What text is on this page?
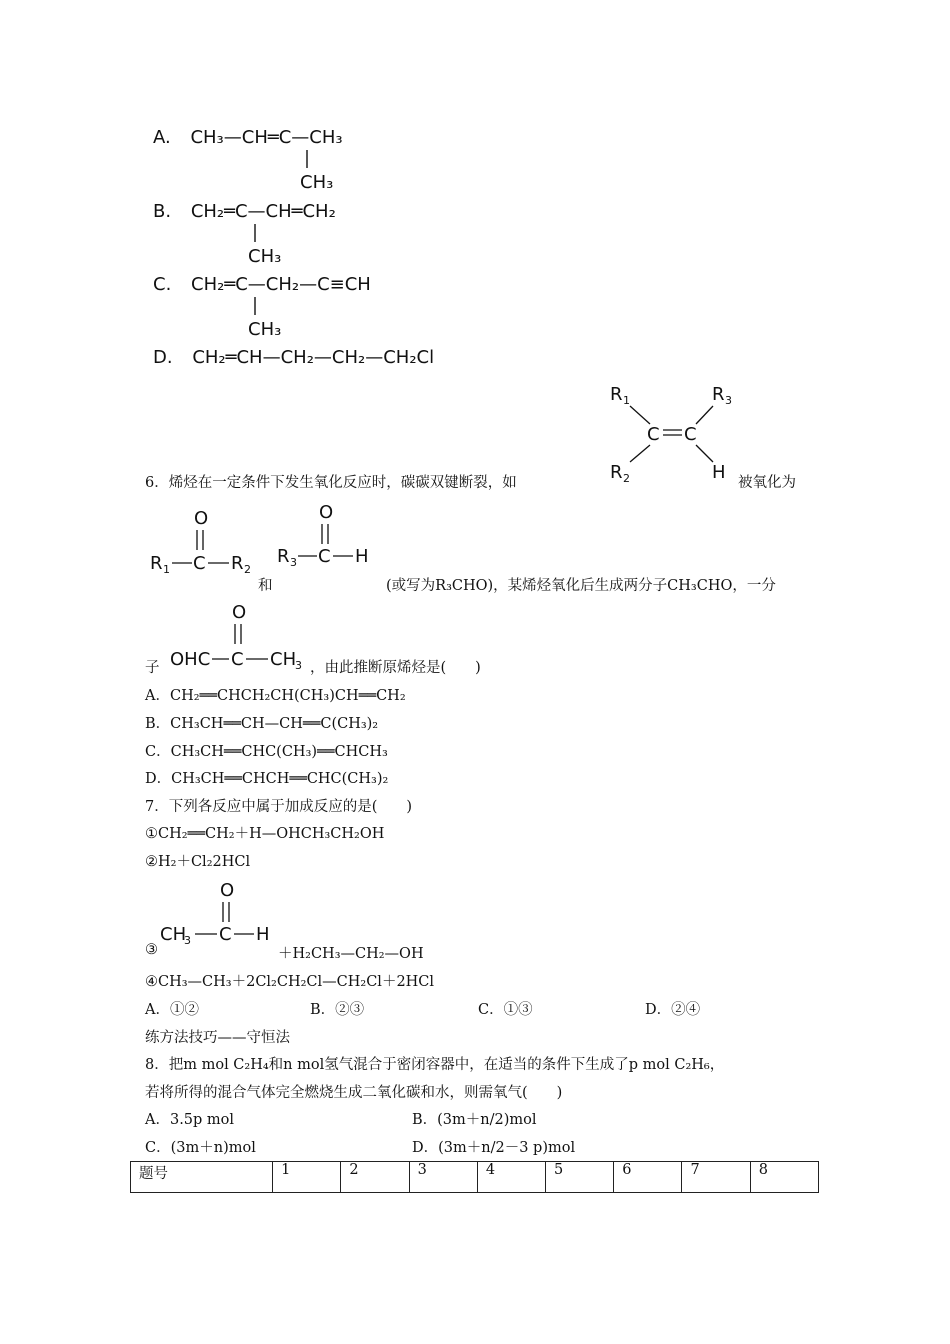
A. CH₃—CH═C—CH₃
CH₃
B. CH₂═C—CH═CH₂
CH₃
C. CH₂═C—CH₂—C≡CH
CH₃
D. CH₂═CH—CH₂—CH₂—CH₂Cl
R 1	R 3
C C
R 2	H
6．烯烃在一定条件下发生氧化反应时，碳碳双键断裂，如	被氧化为
O
R 1 C R 2
和
O
R 3 C H
(或写为R₃CHO)，某烯烃氧化后生成两分子CH₃CHO，一分
子
O
OHC C CH
3 ，由此推断原烯烃是(　　)
A．CH₂══CHCH₂CH(CH₃)CH══CH₂
B．CH₃CH══CH—CH══C(CH₃)₂
C．CH₃CH══CHC(CH₃)══CHCH₃
D．CH₃CH══CHCH══CHC(CH₃)₂
7．下列各反应中属于加成反应的是(　　)
①CH₂══CH₂＋H—OHCH₃CH₂OH
②H₂＋Cl₂2HCl
③
O
CH
3 C H
＋H₂CH₃—CH₂—OH
④CH₃—CH₃＋2Cl₂CH₂Cl—CH₂Cl＋2HCl
A．①②	B．②③	C．①③	D．②④
练方法技巧——守恒法
8．把m mol C₂H₄和n mol氢气混合于密闭容器中，在适当的条件下生成了p mol C₂H₆，
若将所得的混合气体完全燃烧生成二氧化碳和水，则需氧气(　　)
A．3.5p mol	B．(3m＋n/2)mol
C．(3m＋n)mol	D．(3m＋n/2－3 p)mol
题号	1	2	3	4	5	6	7	8
